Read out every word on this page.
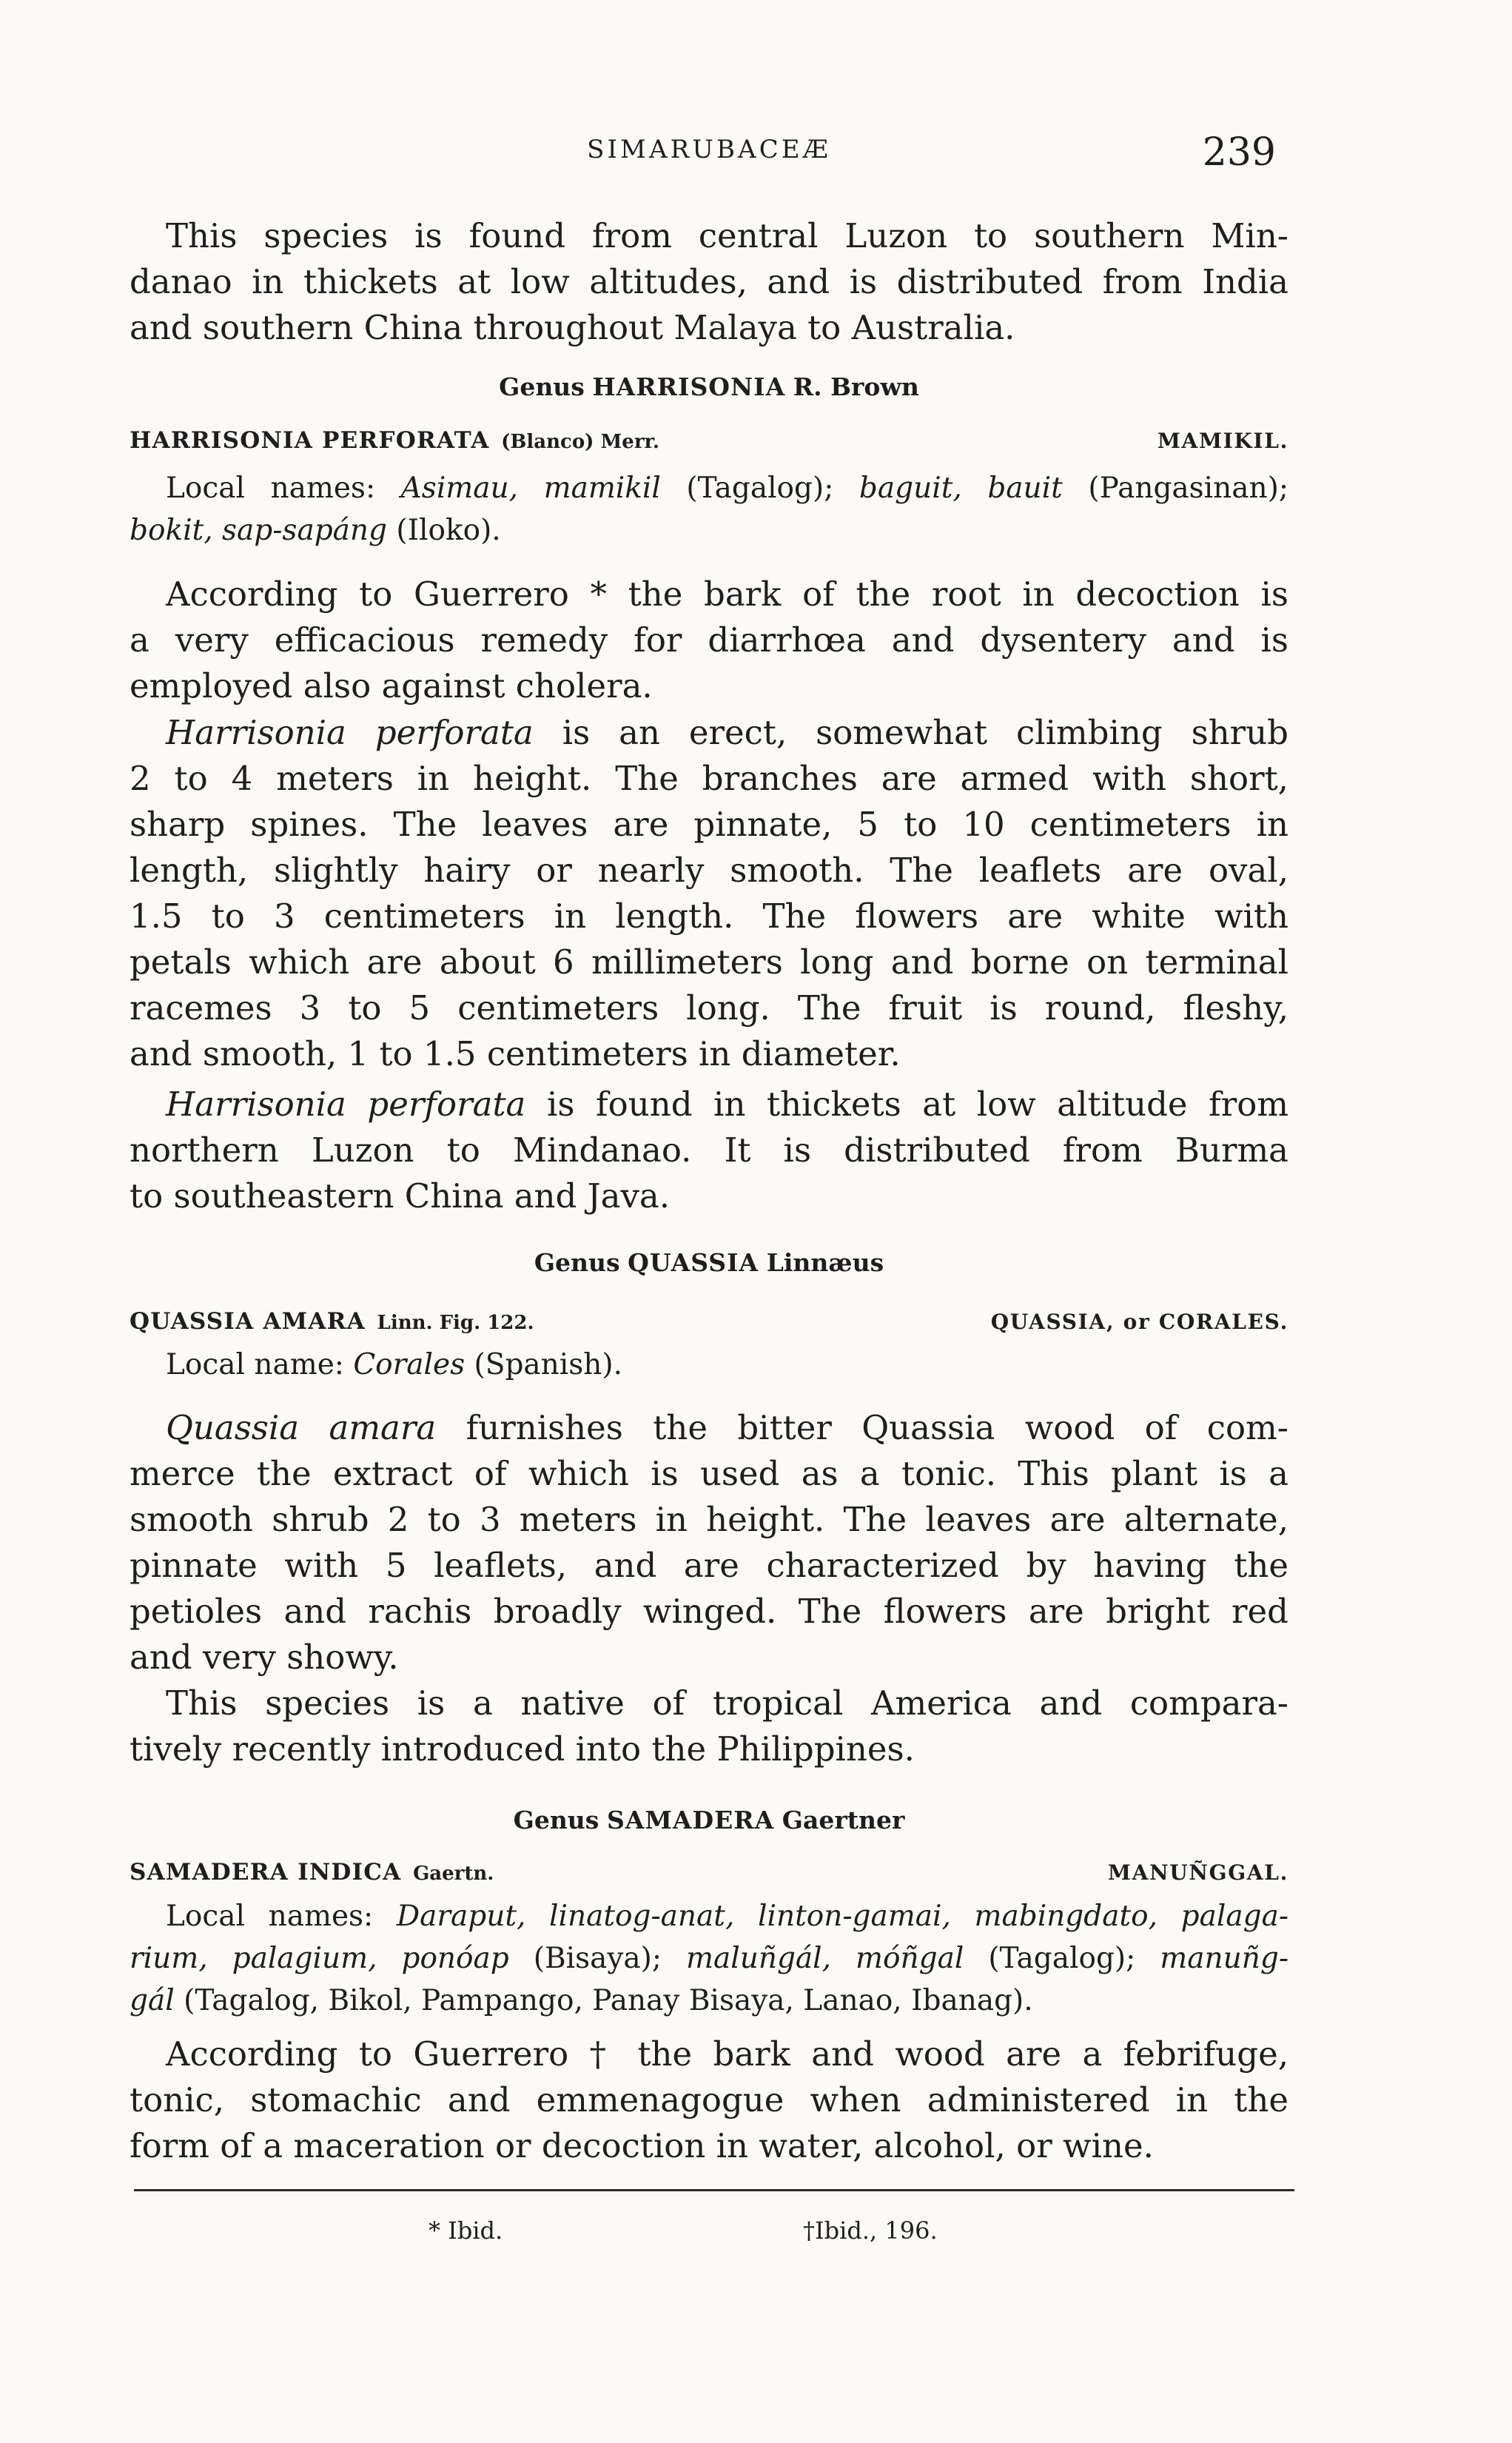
SIMARUBACEÆ	239
This species is found from central Luzon to southern Min-
danao in thickets at low altitudes, and is distributed from India
and southern China throughout Malaya to Australia.
Genus HARRISONIA R. Brown
HARRISONIA PERFORATA (Blanco) Merr.	MAMIKIL.
Local names: Asimau, mamikil (Tagalog); baguit, bauit (Pangasinan);
bokit, sap-sapáng (Iloko).
According to Guerrero * the bark of the root in decoction is
a very efficacious remedy for diarrhœa and dysentery and is
employed also against cholera.
Harrisonia perforata is an erect, somewhat climbing shrub
2 to 4 meters in height. The branches are armed with short,
sharp spines. The leaves are pinnate, 5 to 10 centimeters in
length, slightly hairy or nearly smooth. The leaflets are oval,
1.5 to 3 centimeters in length. The flowers are white with
petals which are about 6 millimeters long and borne on terminal
racemes 3 to 5 centimeters long. The fruit is round, fleshy,
and smooth, 1 to 1.5 centimeters in diameter.
Harrisonia perforata is found in thickets at low altitude from
northern Luzon to Mindanao. It is distributed from Burma
to southeastern China and Java.
Genus QUASSIA Linnæus
QUASSIA AMARA Linn. Fig. 122.	QUASSIA, or CORALES.
Local name: Corales (Spanish).
Quassia amara furnishes the bitter Quassia wood of com-
merce the extract of which is used as a tonic. This plant is a
smooth shrub 2 to 3 meters in height. The leaves are alternate,
pinnate with 5 leaflets, and are characterized by having the
petioles and rachis broadly winged. The flowers are bright red
and very showy.
This species is a native of tropical America and compara-
tively recently introduced into the Philippines.
Genus SAMADERA Gaertner
SAMADERA INDICA Gaertn.	MANUÑGGAL.
Local names: Daraput, linatog-anat, linton-gamai, mabingdato, palaga-
rium, palagium, ponóap (Bisaya); maluñgál, móñgal (Tagalog); manuñg-
gál (Tagalog, Bikol, Pampango, Panay Bisaya, Lanao, Ibanag).
According to Guerrero † the bark and wood are a febrifuge,
tonic, stomachic and emmenagogue when administered in the
form of a maceration or decoction in water, alcohol, or wine.
* Ibid.	†Ibid., 196.
